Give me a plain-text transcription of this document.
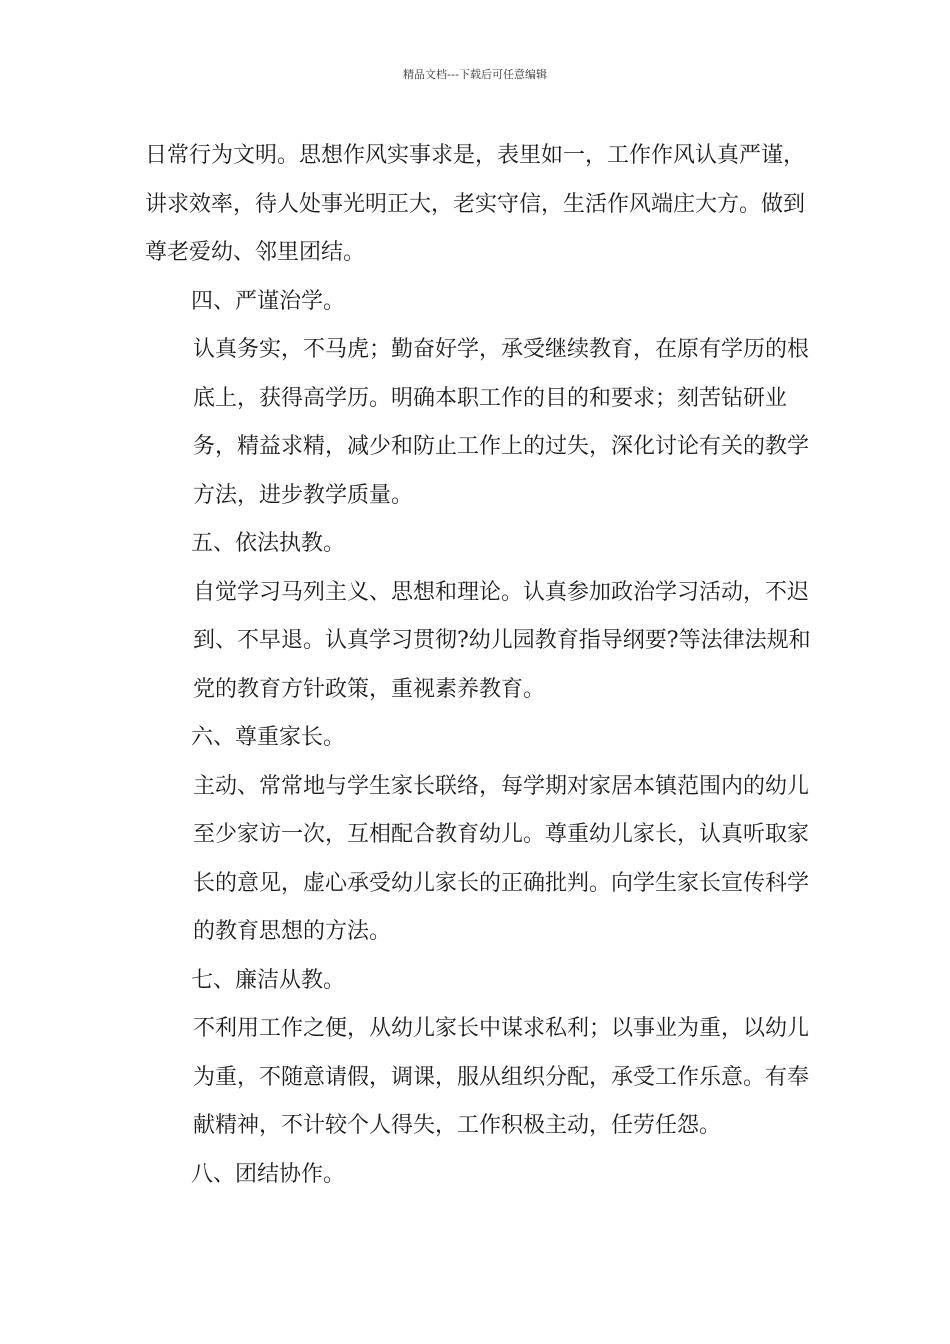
精品文档---下载后可任意编辑

日常行为文明。思想作风实事求是，表里如一，工作作风认真严谨，讲求效率，待人处事光明正大，老实守信，生活作风端庄大方。做到尊老爱幼、邻里团结。

四、严谨治学。

认真务实，不马虎；勤奋好学，承受继续教育，在原有学历的根底上，获得高学历。明确本职工作的目的和要求；刻苦钻研业务，精益求精，减少和防止工作上的过失，深化讨论有关的教学方法，进步教学质量。

五、依法执教。

自觉学习马列主义、思想和理论。认真参加政治学习活动，不迟到、不早退。认真学习贯彻?幼儿园教育指导纲要?等法律法规和党的教育方针政策，重视素养教育。

六、尊重家长。

主动、常常地与学生家长联络，每学期对家居本镇范围内的幼儿至少家访一次，互相配合教育幼儿。尊重幼儿家长，认真听取家长的意见，虚心承受幼儿家长的正确批判。向学生家长宣传科学的教育思想的方法。

七、廉洁从教。

不利用工作之便，从幼儿家长中谋求私利；以事业为重，以幼儿为重，不随意请假，调课，服从组织分配，承受工作乐意。有奉献精神，不计较个人得失，工作积极主动，任劳任怨。

八、团结协作。
